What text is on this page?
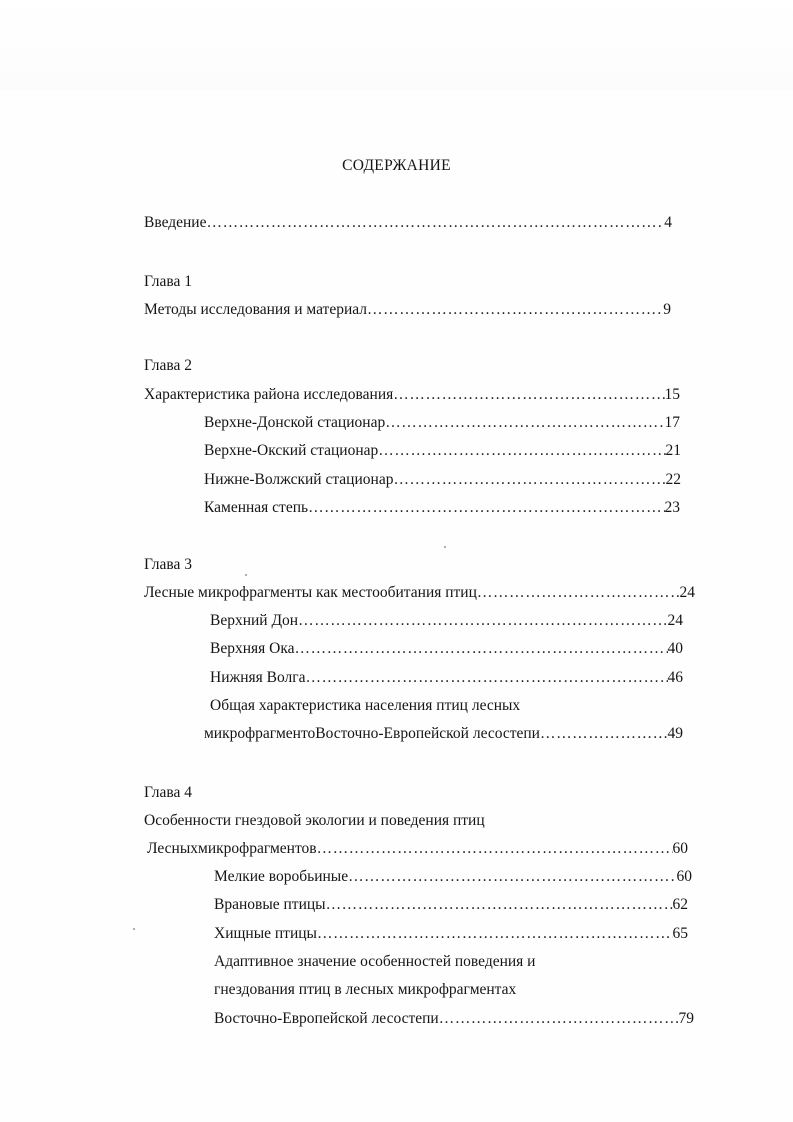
СОДЕРЖАНИЕ
Введение ………………………………………………………………………………………………………………………………………………………………	4
Глава 1
Методы исследования и материал ………………………………………………………………………………………………………………………………………………………………	9
Глава 2
Характеристика района исследования ………………………………………………………………………………………………………………………………………………………………	15
Верхне-Донской стационар ………………………………………………………………………………………………………………………………………………………………	17
Верхне-Окский стационар ………………………………………………………………………………………………………………………………………………………………	21
Нижне-Волжский стационар ………………………………………………………………………………………………………………………………………………………………	22
Каменная степь ………………………………………………………………………………………………………………………………………………………………	23
Глава 3
Лесные микрофрагменты как местообитания птиц ………………………………………………………………………………………………………………………………………………………………	24
Верхний Дон ………………………………………………………………………………………………………………………………………………………………	24
Верхняя Ока ………………………………………………………………………………………………………………………………………………………………	40
Нижняя Волга ………………………………………………………………………………………………………………………………………………………………	46
Общая характеристика населения птиц лесных
микрофрагментоВосточно-Европейской лесостепи ………………………………………………………………………………………………………………………………………………………………	49
Глава 4
Особенности гнездовой экологии и поведения птиц
Лесныхмикрофрагментов ………………………………………………………………………………………………………………………………………………………………	60
Мелкие воробьиные ………………………………………………………………………………………………………………………………………………………………	60
Врановые птицы ………………………………………………………………………………………………………………………………………………………………	62
Хищные птицы ………………………………………………………………………………………………………………………………………………………………	65
Адаптивное значение особенностей поведения и
гнездования птиц в лесных микрофрагментах
Восточно-Европейской лесостепи ………………………………………………………………………………………………………………………………………………………………	79
